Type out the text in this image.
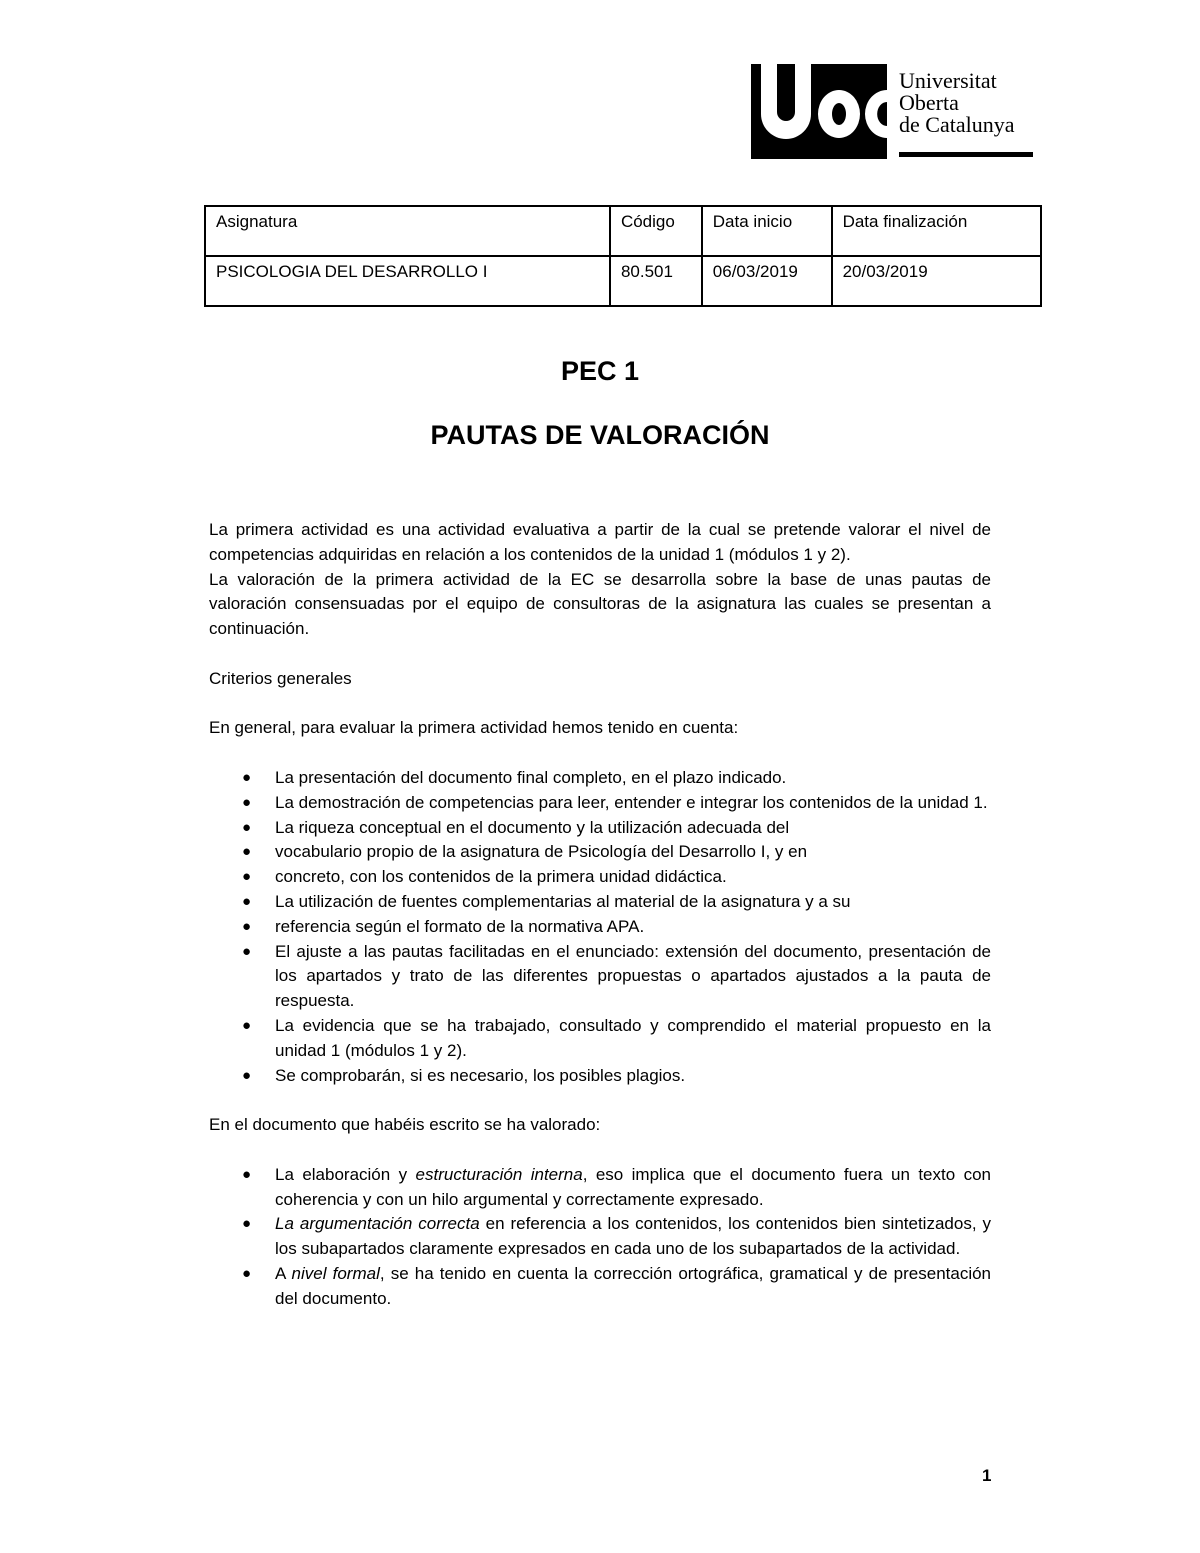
Universitat
Oberta
de Catalunya
Asignatura	Código	Data inicio	Data finalización
PSICOLOGIA DEL DESARROLLO I	80.501	06/03/2019	20/03/2019
PEC 1
PAUTAS DE VALORACIÓN

La primera actividad es una actividad evaluativa a partir de la cual se pretende valorar el nivel de competencias adquiridas en relación a los contenidos de la unidad 1 (módulos 1 y 2).

La valoración de la primera actividad de la EC se desarrolla sobre la base de unas pautas de valoración consensuadas por el equipo de consultoras de la asignatura las cuales se presentan a continuación.

Criterios generales

En general, para evaluar la primera actividad hemos tenido en cuenta:

● La presentación del documento final completo, en el plazo indicado.
● La demostración de competencias para leer, entender e integrar los contenidos de la unidad 1.
● La riqueza conceptual en el documento y la utilización adecuada del
● vocabulario propio de la asignatura de Psicología del Desarrollo I, y en
● concreto, con los contenidos de la primera unidad didáctica.
● La utilización de fuentes complementarias al material de la asignatura y a su
● referencia según el formato de la normativa APA.
● El ajuste a las pautas facilitadas en el enunciado: extensión del documento, presentación de los apartados y trato de las diferentes propuestas o apartados ajustados a la pauta de respuesta.
● La evidencia que se ha trabajado, consultado y comprendido el material propuesto en la unidad 1 (módulos 1 y 2).
● Se comprobarán, si es necesario, los posibles plagios.

En el documento que habéis escrito se ha valorado:

● La elaboración y estructuración interna, eso implica que el documento fuera un texto con coherencia y con un hilo argumental y correctamente expresado.
● La argumentación correcta en referencia a los contenidos, los contenidos bien sintetizados, y los subapartados claramente expresados en cada uno de los subapartados de la actividad.
● A nivel formal, se ha tenido en cuenta la corrección ortográfica, gramatical y de presentación del documento.
1
